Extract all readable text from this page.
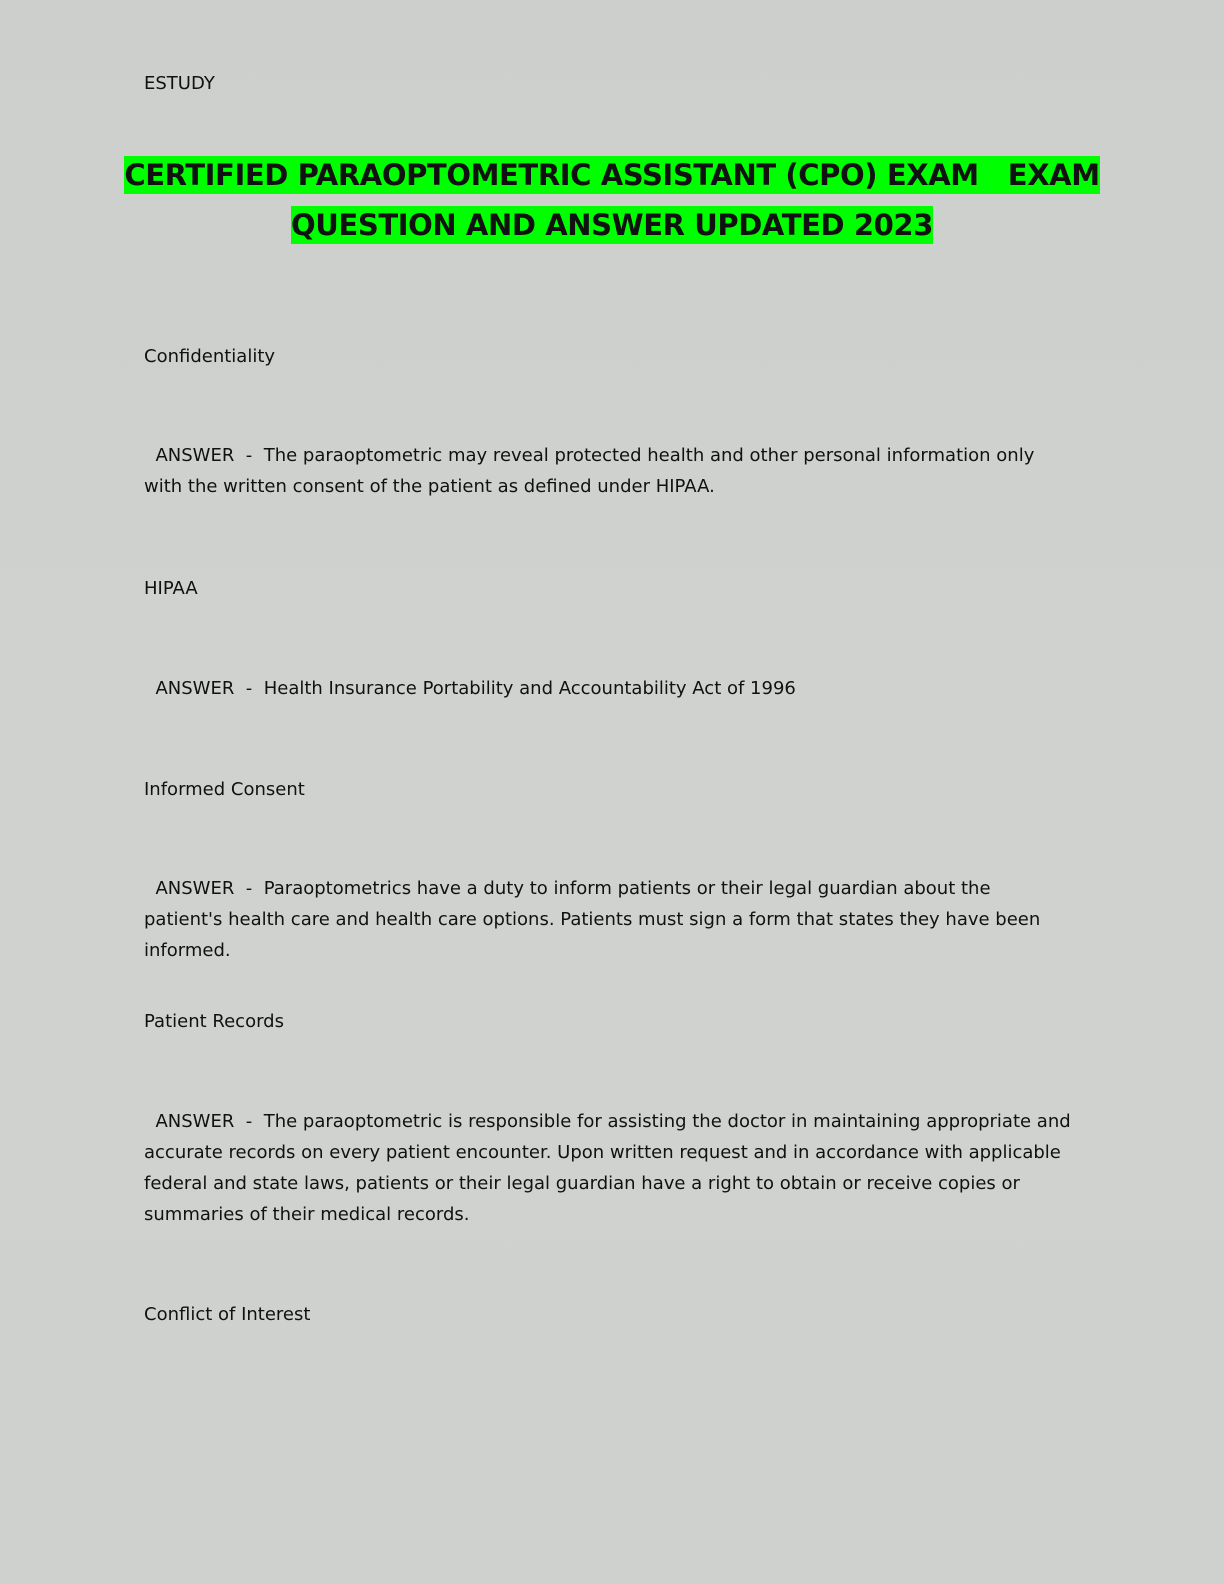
ESTUDY
CERTIFIED PARAOPTOMETRIC ASSISTANT (CPO) EXAM   EXAM
QUESTION AND ANSWER UPDATED 2023
Confidentiality
ANSWER  -  The paraoptometric may reveal protected health and other personal information only with the written consent of the patient as defined under HIPAA.
HIPAA
ANSWER  -  Health Insurance Portability and Accountability Act of 1996
Informed Consent
ANSWER  -  Paraoptometrics have a duty to inform patients or their legal guardian about the patient's health care and health care options. Patients must sign a form that states they have been informed.
Patient Records
ANSWER  -  The paraoptometric is responsible for assisting the doctor in maintaining appropriate and accurate records on every patient encounter. Upon written request and in accordance with applicable federal and state laws, patients or their legal guardian have a right to obtain or receive copies or summaries of their medical records.
Conflict of Interest
